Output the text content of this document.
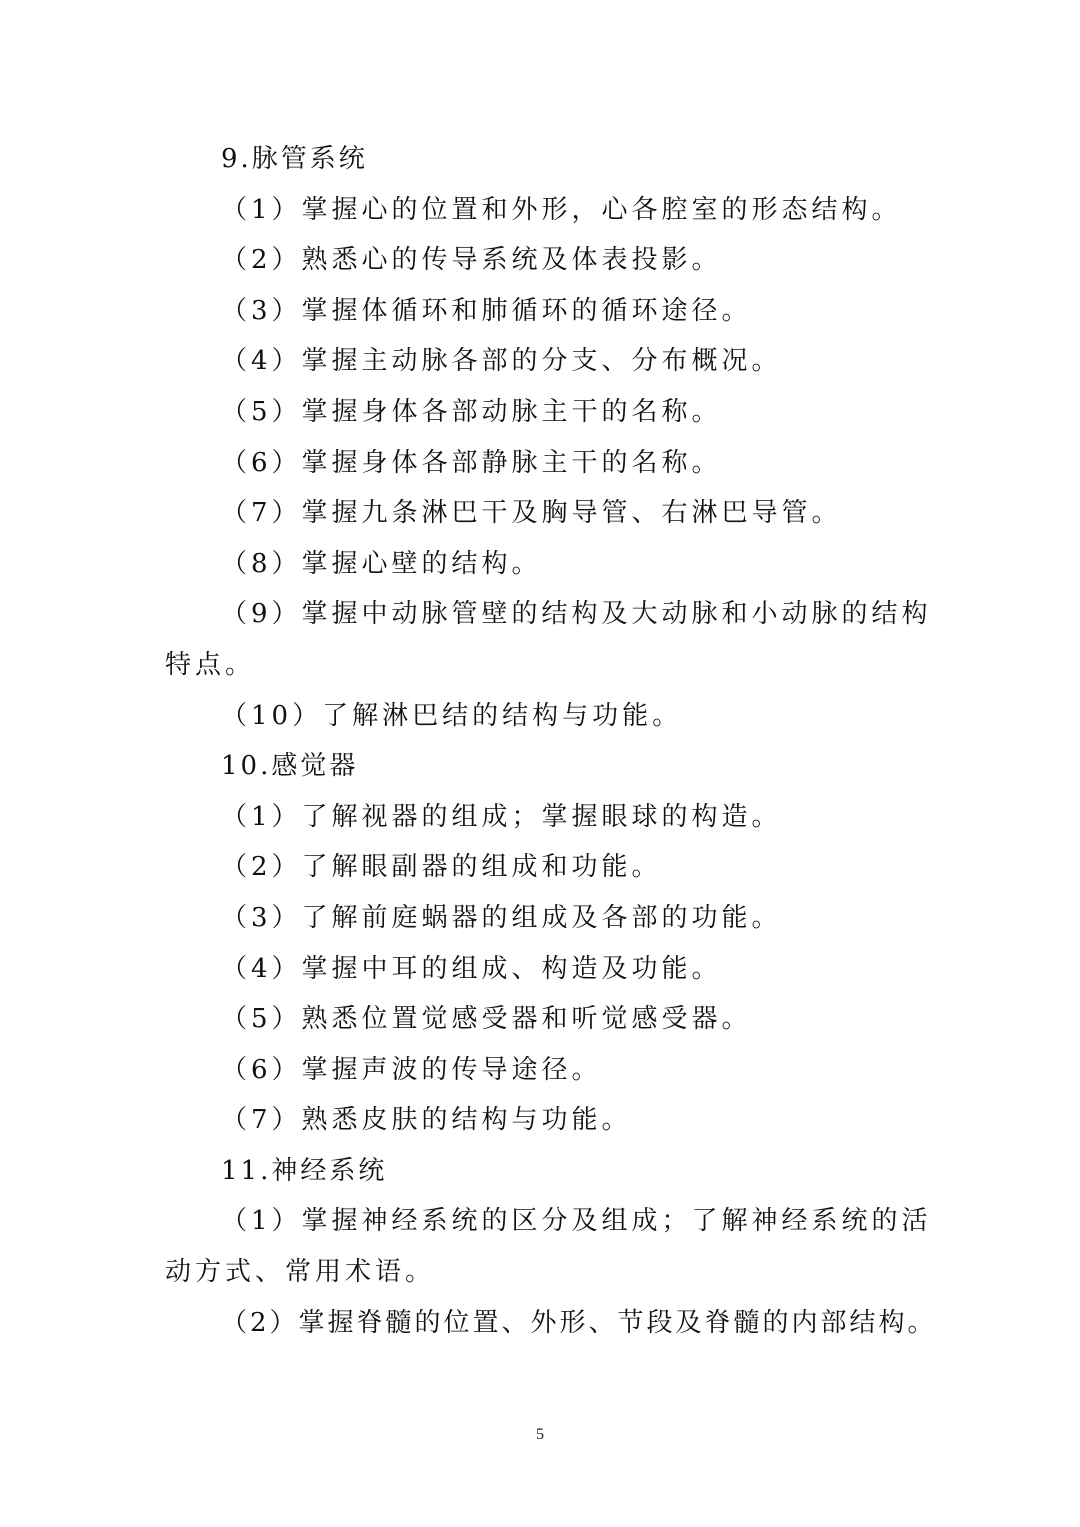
9.脉管系统

（1）掌握心的位置和外形，心各腔室的形态结构。

（2）熟悉心的传导系统及体表投影。

（3）掌握体循环和肺循环的循环途径。

（4）掌握主动脉各部的分支、分布概况。

（5）掌握身体各部动脉主干的名称。

（6）掌握身体各部静脉主干的名称。

（7）掌握九条淋巴干及胸导管、右淋巴导管。

（8）掌握心壁的结构。

（9）掌握中动脉管壁的结构及大动脉和小动脉的结构

特点。

（10）了解淋巴结的结构与功能。

10.感觉器

（1）了解视器的组成；掌握眼球的构造。

（2）了解眼副器的组成和功能。

（3）了解前庭蜗器的组成及各部的功能。

（4）掌握中耳的组成、构造及功能。

（5）熟悉位置觉感受器和听觉感受器。

（6）掌握声波的传导途径。

（7）熟悉皮肤的结构与功能。

11.神经系统

（1）掌握神经系统的区分及组成；了解神经系统的活

动方式、常用术语。

（2）掌握脊髓的位置、外形、节段及脊髓的内部结构。

5
